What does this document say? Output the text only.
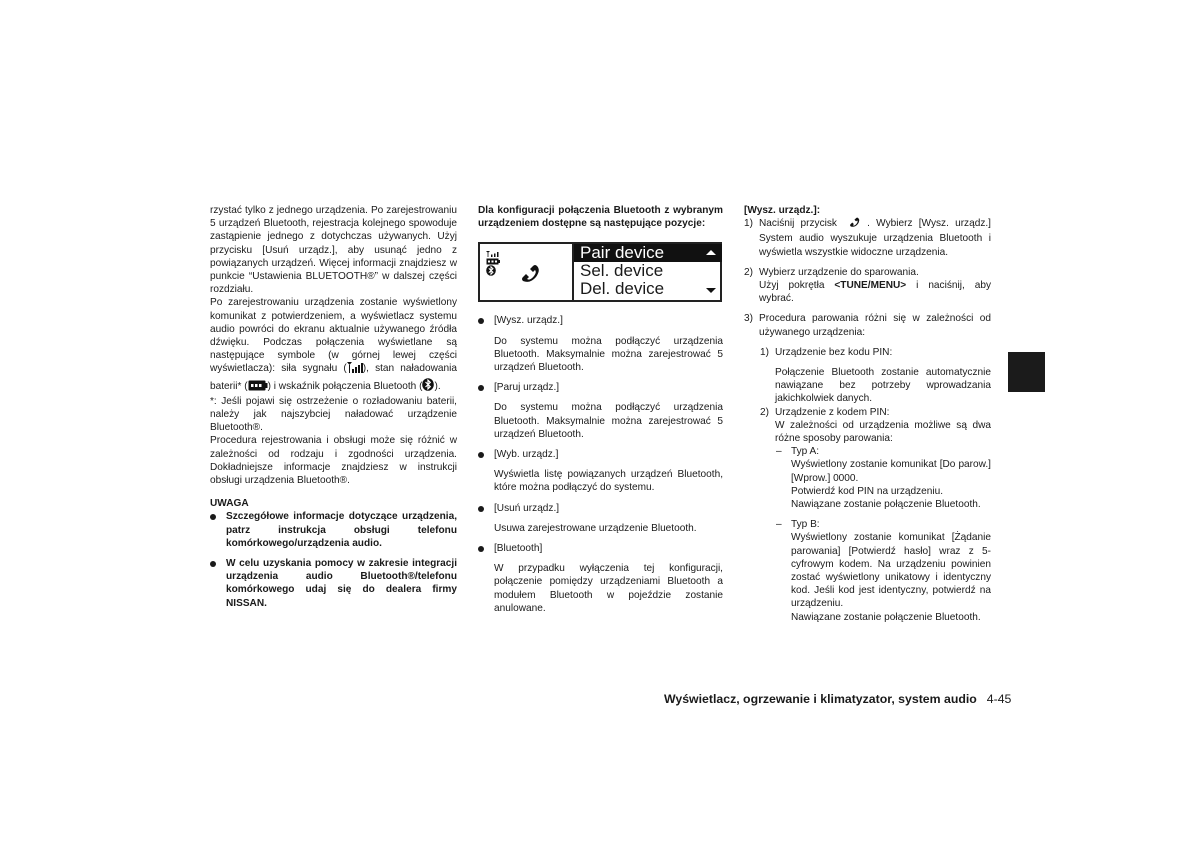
rzystać tylko z jednego urządzenia. Po zarejestrowaniu 5 urządzeń Bluetooth, rejestracja kolejnego spowoduje zastąpienie jednego z dotychczas używanych. Użyj przycisku [Usuń urządz.], aby usunąć jedno z powiązanych urządzeń. Więcej informacji znajdziesz w punkcie “Ustawienia BLUETOOTH®” w dalszej części rozdziału.

Po zarejestrowaniu urządzenia zostanie wyświetlony komunikat z potwierdzeniem, a wyświetlacz systemu audio powróci do ekranu aktualnie używanego źródła dźwięku. Podczas połączenia wyświetlane są następujące symbole (w górnej lewej części wyświetlacza): siła sygnału ( ), stan naładowania baterii* ( ) i wskaźnik połączenia Bluetooth ( ).

*: Jeśli pojawi się ostrzeżenie o rozładowaniu baterii, należy jak najszybciej naładować urządzenie Bluetooth®.

Procedura rejestrowania i obsługi może się różnić w zależności od rodzaju i zgodności urządzenia. Dokładniejsze informacje znajdziesz w instrukcji obsługi urządzenia Bluetooth®.

UWAGA

Szczegółowe informacje dotyczące urządzenia, patrz instrukcja obsługi telefonu komórkowego/urządzenia audio.
W celu uzyskania pomocy w zakresie integracji urządzenia audio Bluetooth®/telefonu komórkowego udaj się do dealera firmy NISSAN.

Dla konfiguracji połączenia Bluetooth z wybranym urządzeniem dostępne są następujące pozycje:

Pair device
Sel. device
Del. device

[Wysz. urządz.]

Do systemu można podłączyć urządzenia Bluetooth. Maksymalnie można zarejestrować 5 urządzeń Bluetooth.

[Paruj urządz.]

Do systemu można podłączyć urządzenia Bluetooth. Maksymalnie można zarejestrować 5 urządzeń Bluetooth.

[Wyb. urządz.]

Wyświetla listę powiązanych urządzeń Bluetooth, które można podłączyć do systemu.

[Usuń urządz.]

Usuwa zarejestrowane urządzenie Bluetooth.

[Bluetooth]

W przypadku wyłączenia tej konfiguracji, połączenie pomiędzy urządzeniami Bluetooth a modułem Bluetooth w pojeździe zostanie anulowane.

[Wysz. urządz.]:

1) Naciśnij przycisk	. Wybierz [Wysz. urządz.] System audio wyszukuje urządzenia Bluetooth i wyświetla wszystkie widoczne urządzenia.
2) Wybierz urządzenie do sparowania.

Użyj pokrętła <TUNE/MENU> i naciśnij, aby wybrać.

3) Procedura parowania różni się w zależności od używanego urządzenia:
1) Urządzenie bez kodu PIN:

Połączenie Bluetooth zostanie automatycznie nawiązane bez potrzeby wprowadzania jakichkolwiek danych.

2) Urządzenie z kodem PIN:

W zależności od urządzenia możliwe są dwa różne sposoby parowania:

– Typ A:

Wyświetlony zostanie komunikat [Do parow.] [Wprow.] 0000.

Potwierdź kod PIN na urządzeniu.

Nawiązane zostanie połączenie Bluetooth.

– Typ B:

Wyświetlony zostanie komunikat [Żądanie parowania] [Potwierdź hasło] wraz z 5-cyfrowym kodem. Na urządzeniu powinien zostać wyświetlony unikatowy i identyczny kod. Jeśli kod jest identyczny, potwierdź na urządzeniu.

Nawiązane zostanie połączenie Bluetooth.

Wyświetlacz, ogrzewanie i klimatyzator, system audio 4-45
